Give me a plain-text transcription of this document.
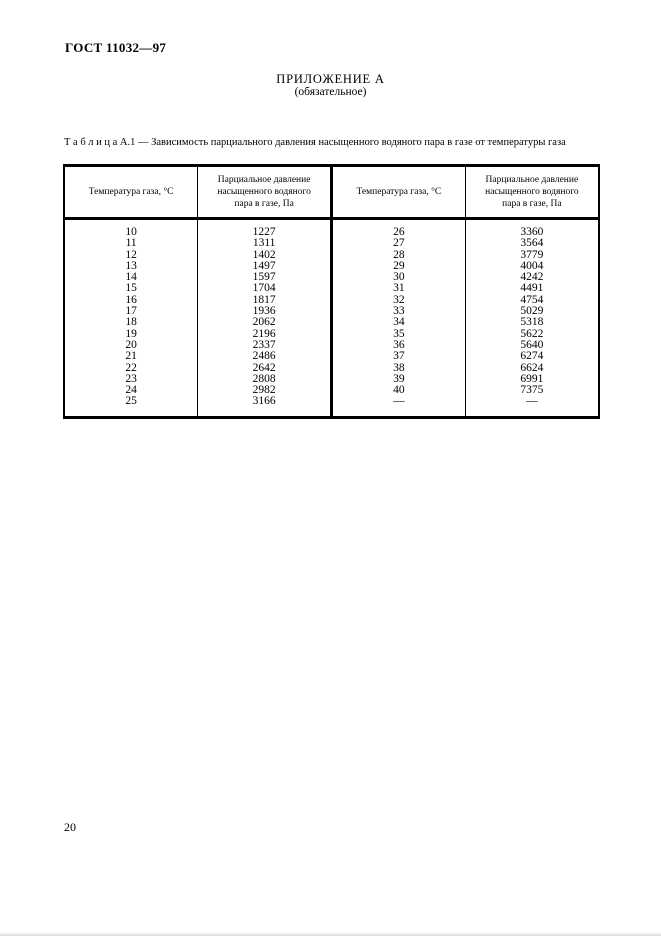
ГОСТ 11032—97
ПРИЛОЖЕНИЕ А
(обязательное)
Т а б л и ц а А.1 — Зависимость парциального давления насыщенного водяного пара в газе от температуры газа
Температура газа, °С	Парциальное давление насыщенного водяного пара в газе, Па	Температура газа, °С	Парциальное давление насыщенного водяного пара в газе, Па
10	1227	26	3360
11	1311	27	3564
12	1402	28	3779
13	1497	29	4004
14	1597	30	4242
15	1704	31	4491
16	1817	32	4754
17	1936	33	5029
18	2062	34	5318
19	2196	35	5622
20	2337	36	5640
21	2486	37	6274
22	2642	38	6624
23	2808	39	6991
24	2982	40	7375
25	3166	—	—
20
